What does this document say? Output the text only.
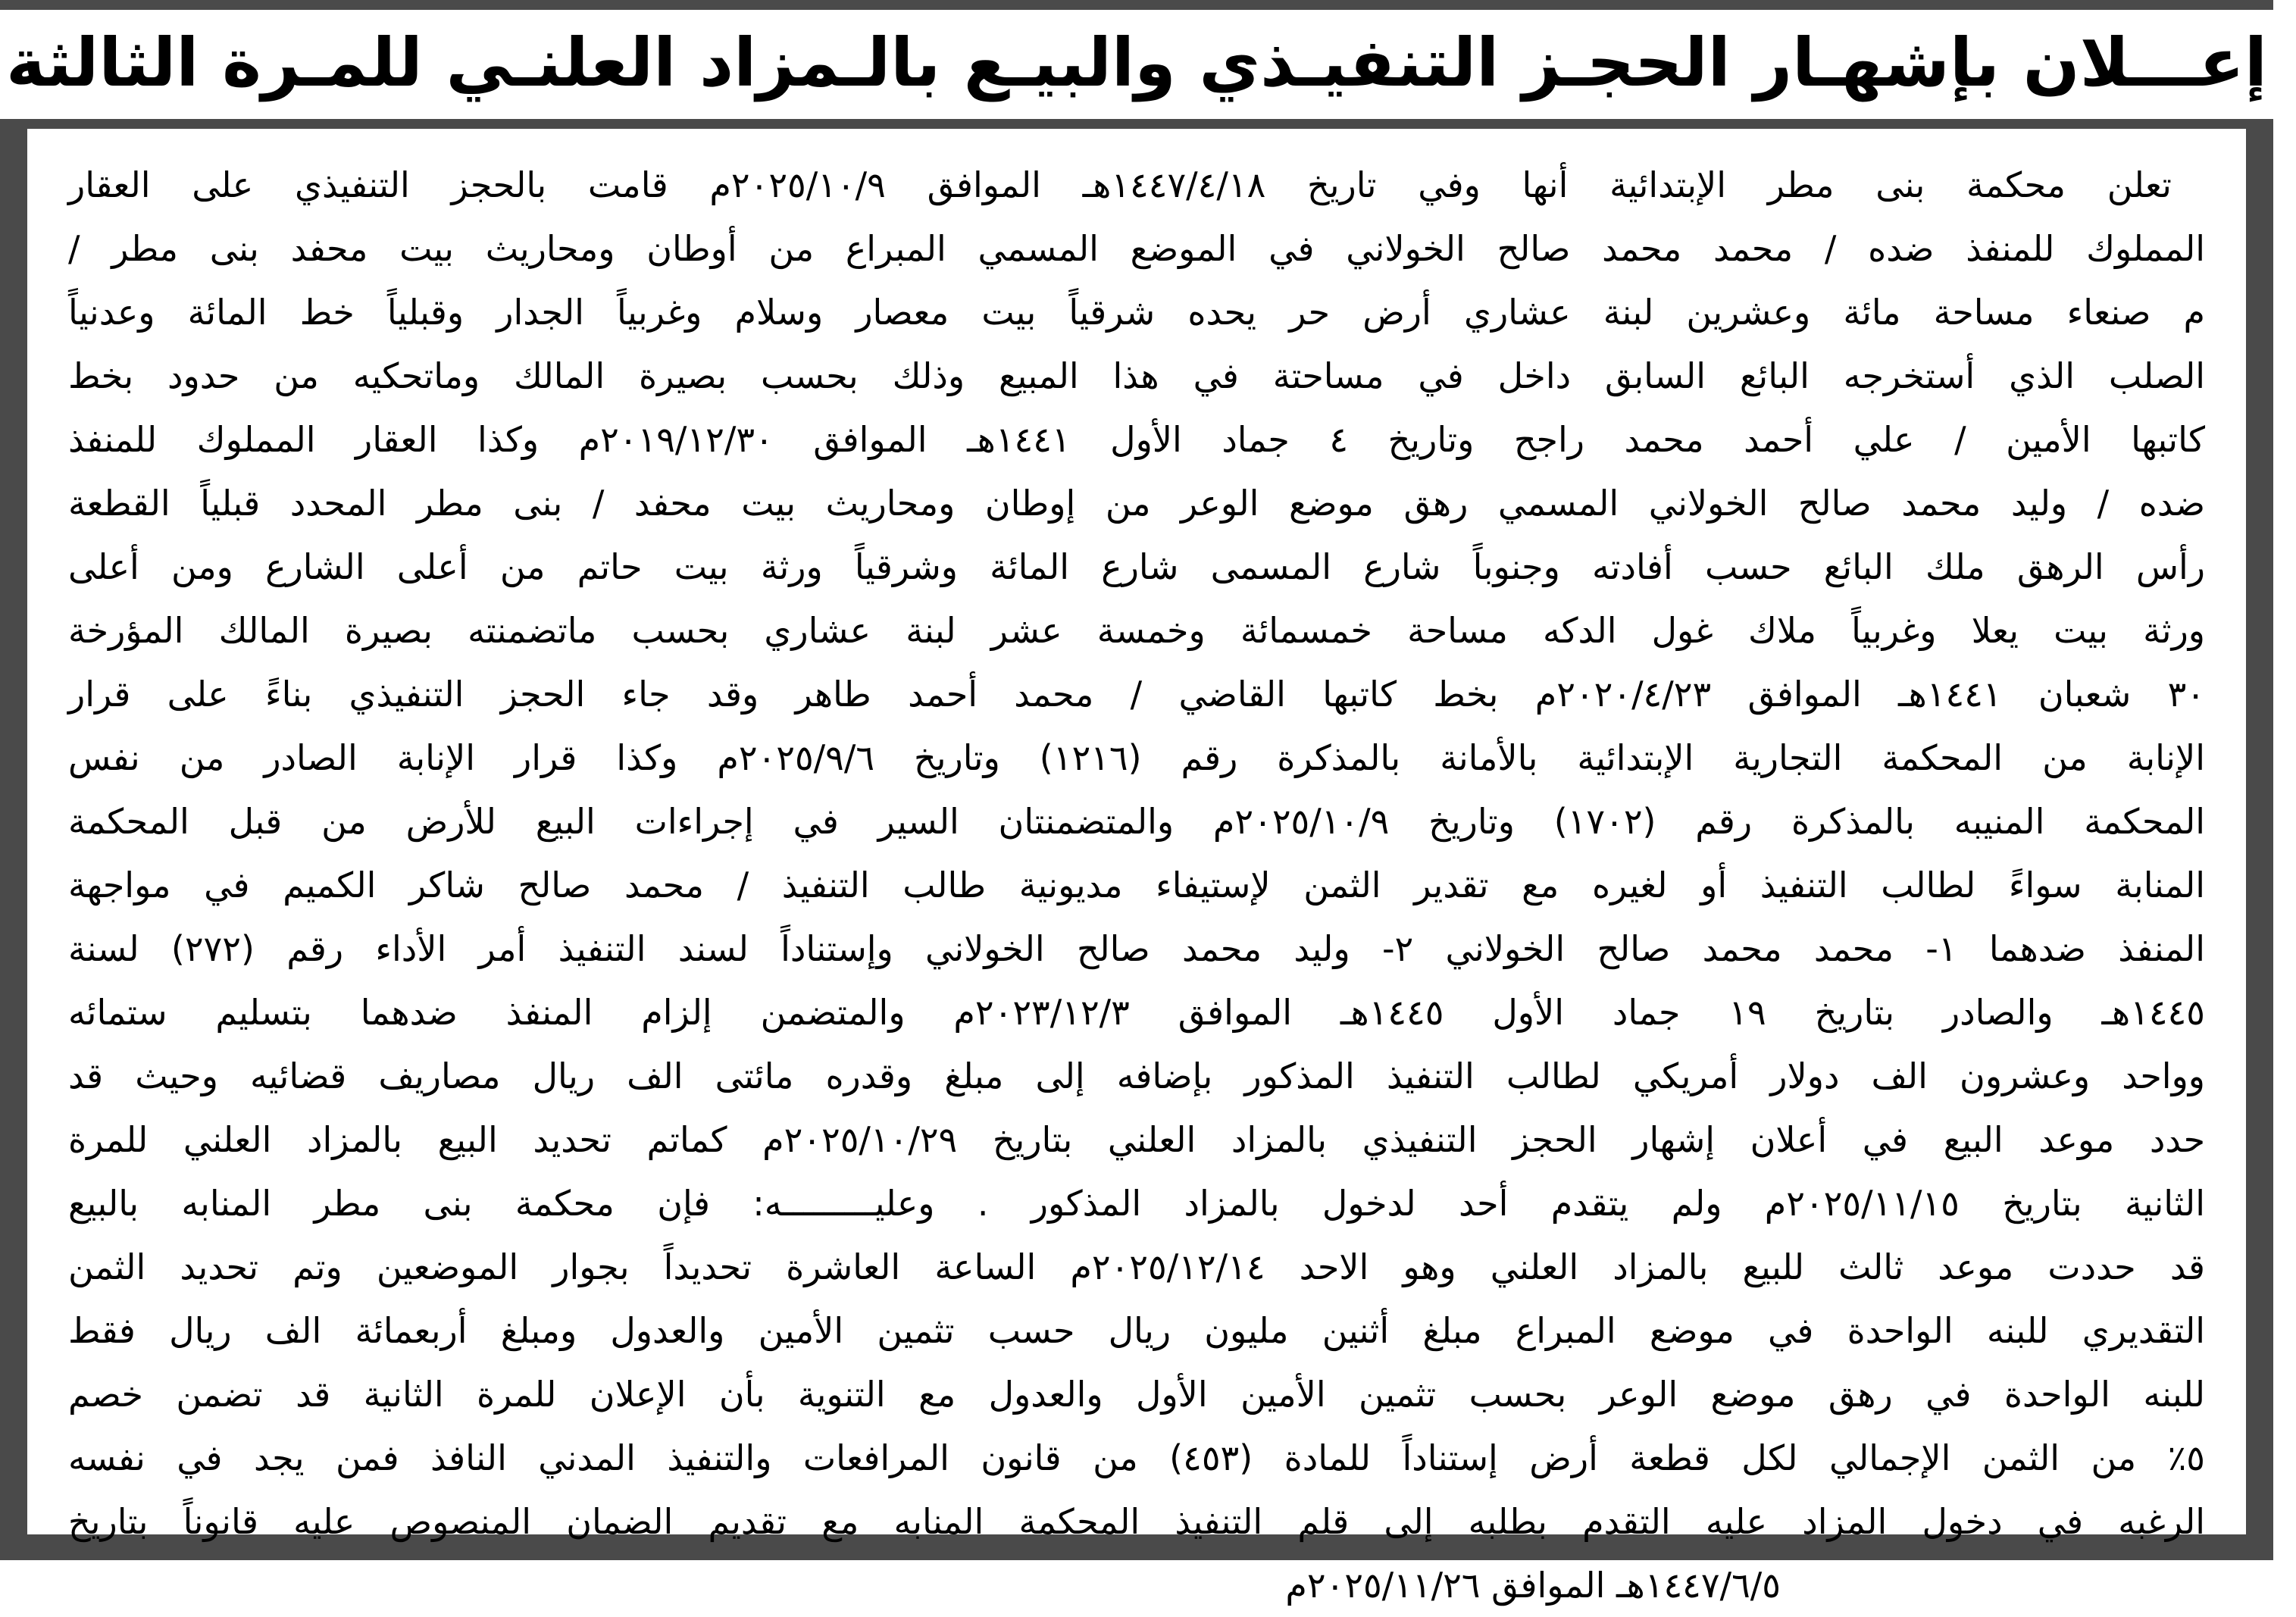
إعـــلان بإشهـار الحجـز التنفيـذي والبيـع بالـمزاد العلنـي للمـرة الثالثة
تعلن محكمة بنى مطر الإبتدائية أنها وفي تاريخ ١٤٤٧/٤/١٨هـ الموافق ٢٠٢٥/١٠/٩م قامت بالحجز التنفيذي على العقار
المملوك للمنفذ ضده / محمد محمد صالح الخولاني في الموضع المسمي المبراع من أوطان ومحاريث بيت محفد بنى مطر /
م صنعاء مساحة مائة وعشرين لبنة عشاري أرض حر يحده شرقياً بيت معصار وسلام وغربياً الجدار وقبلياً خط المائة وعدنياً
الصلب الذي أستخرجه البائع السابق داخل في مساحتة في هذا المبيع وذلك بحسب بصيرة المالك وماتحكيه من حدود بخط
كاتبها الأمين / علي أحمد محمد راجح وتاريخ ٤ جماد الأول ١٤٤١هـ الموافق ٢٠١٩/١٢/٣٠م وكذا العقار المملوك للمنفذ
ضده / وليد محمد صالح الخولاني المسمي رهق موضع الوعر من إوطان ومحاريث بيت محفد / بنى مطر المحدد قبلياً القطعة
رأس الرهق ملك البائع حسب أفادته وجنوباً شارع المسمى شارع المائة وشرقياً ورثة بيت حاتم من أعلى الشارع ومن أعلى
ورثة بيت يعلا وغربياً ملاك غول الدكه مساحة خمسمائة وخمسة عشر لبنة عشاري بحسب ماتضمنته بصيرة المالك المؤرخة
٣٠ شعبان ١٤٤١هـ الموافق ٢٠٢٠/٤/٢٣م بخط كاتبها القاضي / محمد أحمد طاهر وقد جاء الحجز التنفيذي بناءً على قرار
الإنابة من المحكمة التجارية الإبتدائية بالأمانة بالمذكرة رقم (١٢١٦) وتاريخ ٢٠٢٥/٩/٦م وكذا قرار الإنابة الصادر من نفس
المحكمة المنيبه بالمذكرة رقم (١٧٠٢) وتاريخ ٢٠٢٥/١٠/٩م والمتضمنتان السير في إجراءات البيع للأرض من قبل المحكمة
المنابة سواءً لطالب التنفيذ أو لغيره مع تقدير الثمن لإستيفاء مديونية طالب التنفيذ / محمد صالح شاكر الكميم في مواجهة
المنفذ ضدهما ١- محمد محمد صالح الخولاني ٢- وليد محمد صالح الخولاني وإستناداً لسند التنفيذ أمر الأداء رقم (٢٧٢) لسنة
١٤٤٥هـ والصادر بتاريخ ١٩ جماد الأول ١٤٤٥هـ الموافق ٢٠٢٣/١٢/٣م والمتضمن إلزام المنفذ ضدهما بتسليم ستمائه
وواحد وعشرون الف دولار أمريكي لطالب التنفيذ المذكور بإضافه إلى مبلغ وقدره مائتى الف ريال مصاريف قضائيه وحيث قد
حدد موعد البيع في أعلان إشهار الحجز التنفيذي بالمزاد العلني بتاريخ ٢٠٢٥/١٠/٢٩م كماتم تحديد البيع بالمزاد العلني للمرة
الثانية بتاريخ ٢٠٢٥/١١/١٥م ولم يتقدم أحد لدخول بالمزاد المذكور . وعليـــــــــه: فإن محكمة بنى مطر المنابه بالبيع
قد حددت موعد ثالث للبيع بالمزاد العلني وهو الاحد ٢٠٢٥/١٢/١٤م الساعة العاشرة تحديداً بجوار الموضعين وتم تحديد الثمن
التقديري للبنه الواحدة في موضع المبراع مبلغ أثنين مليون ريال حسب تثمين الأمين والعدول ومبلغ أربعمائة الف ريال فقط
للبنه الواحدة في رهق موضع الوعر بحسب تثمين الأمين الأول والعدول مع التنوية بأن الإعلان للمرة الثانية قد تضمن خصم
٥٪ من الثمن الإجمالي لكل قطعة أرض إستناداً للمادة (٤٥٣) من قانون المرافعات والتنفيذ المدني النافذ فمن يجد في نفسه
الرغبه في دخول المزاد عليه التقدم بطلبه إلى قلم التنفيذ المحكمة المنابه مع تقديم الضمان المنصوص عليه قانوناً بتاريخ
١٤٤٧/٦/٥هـ الموافق ٢٠٢٥/١١/٢٦م
